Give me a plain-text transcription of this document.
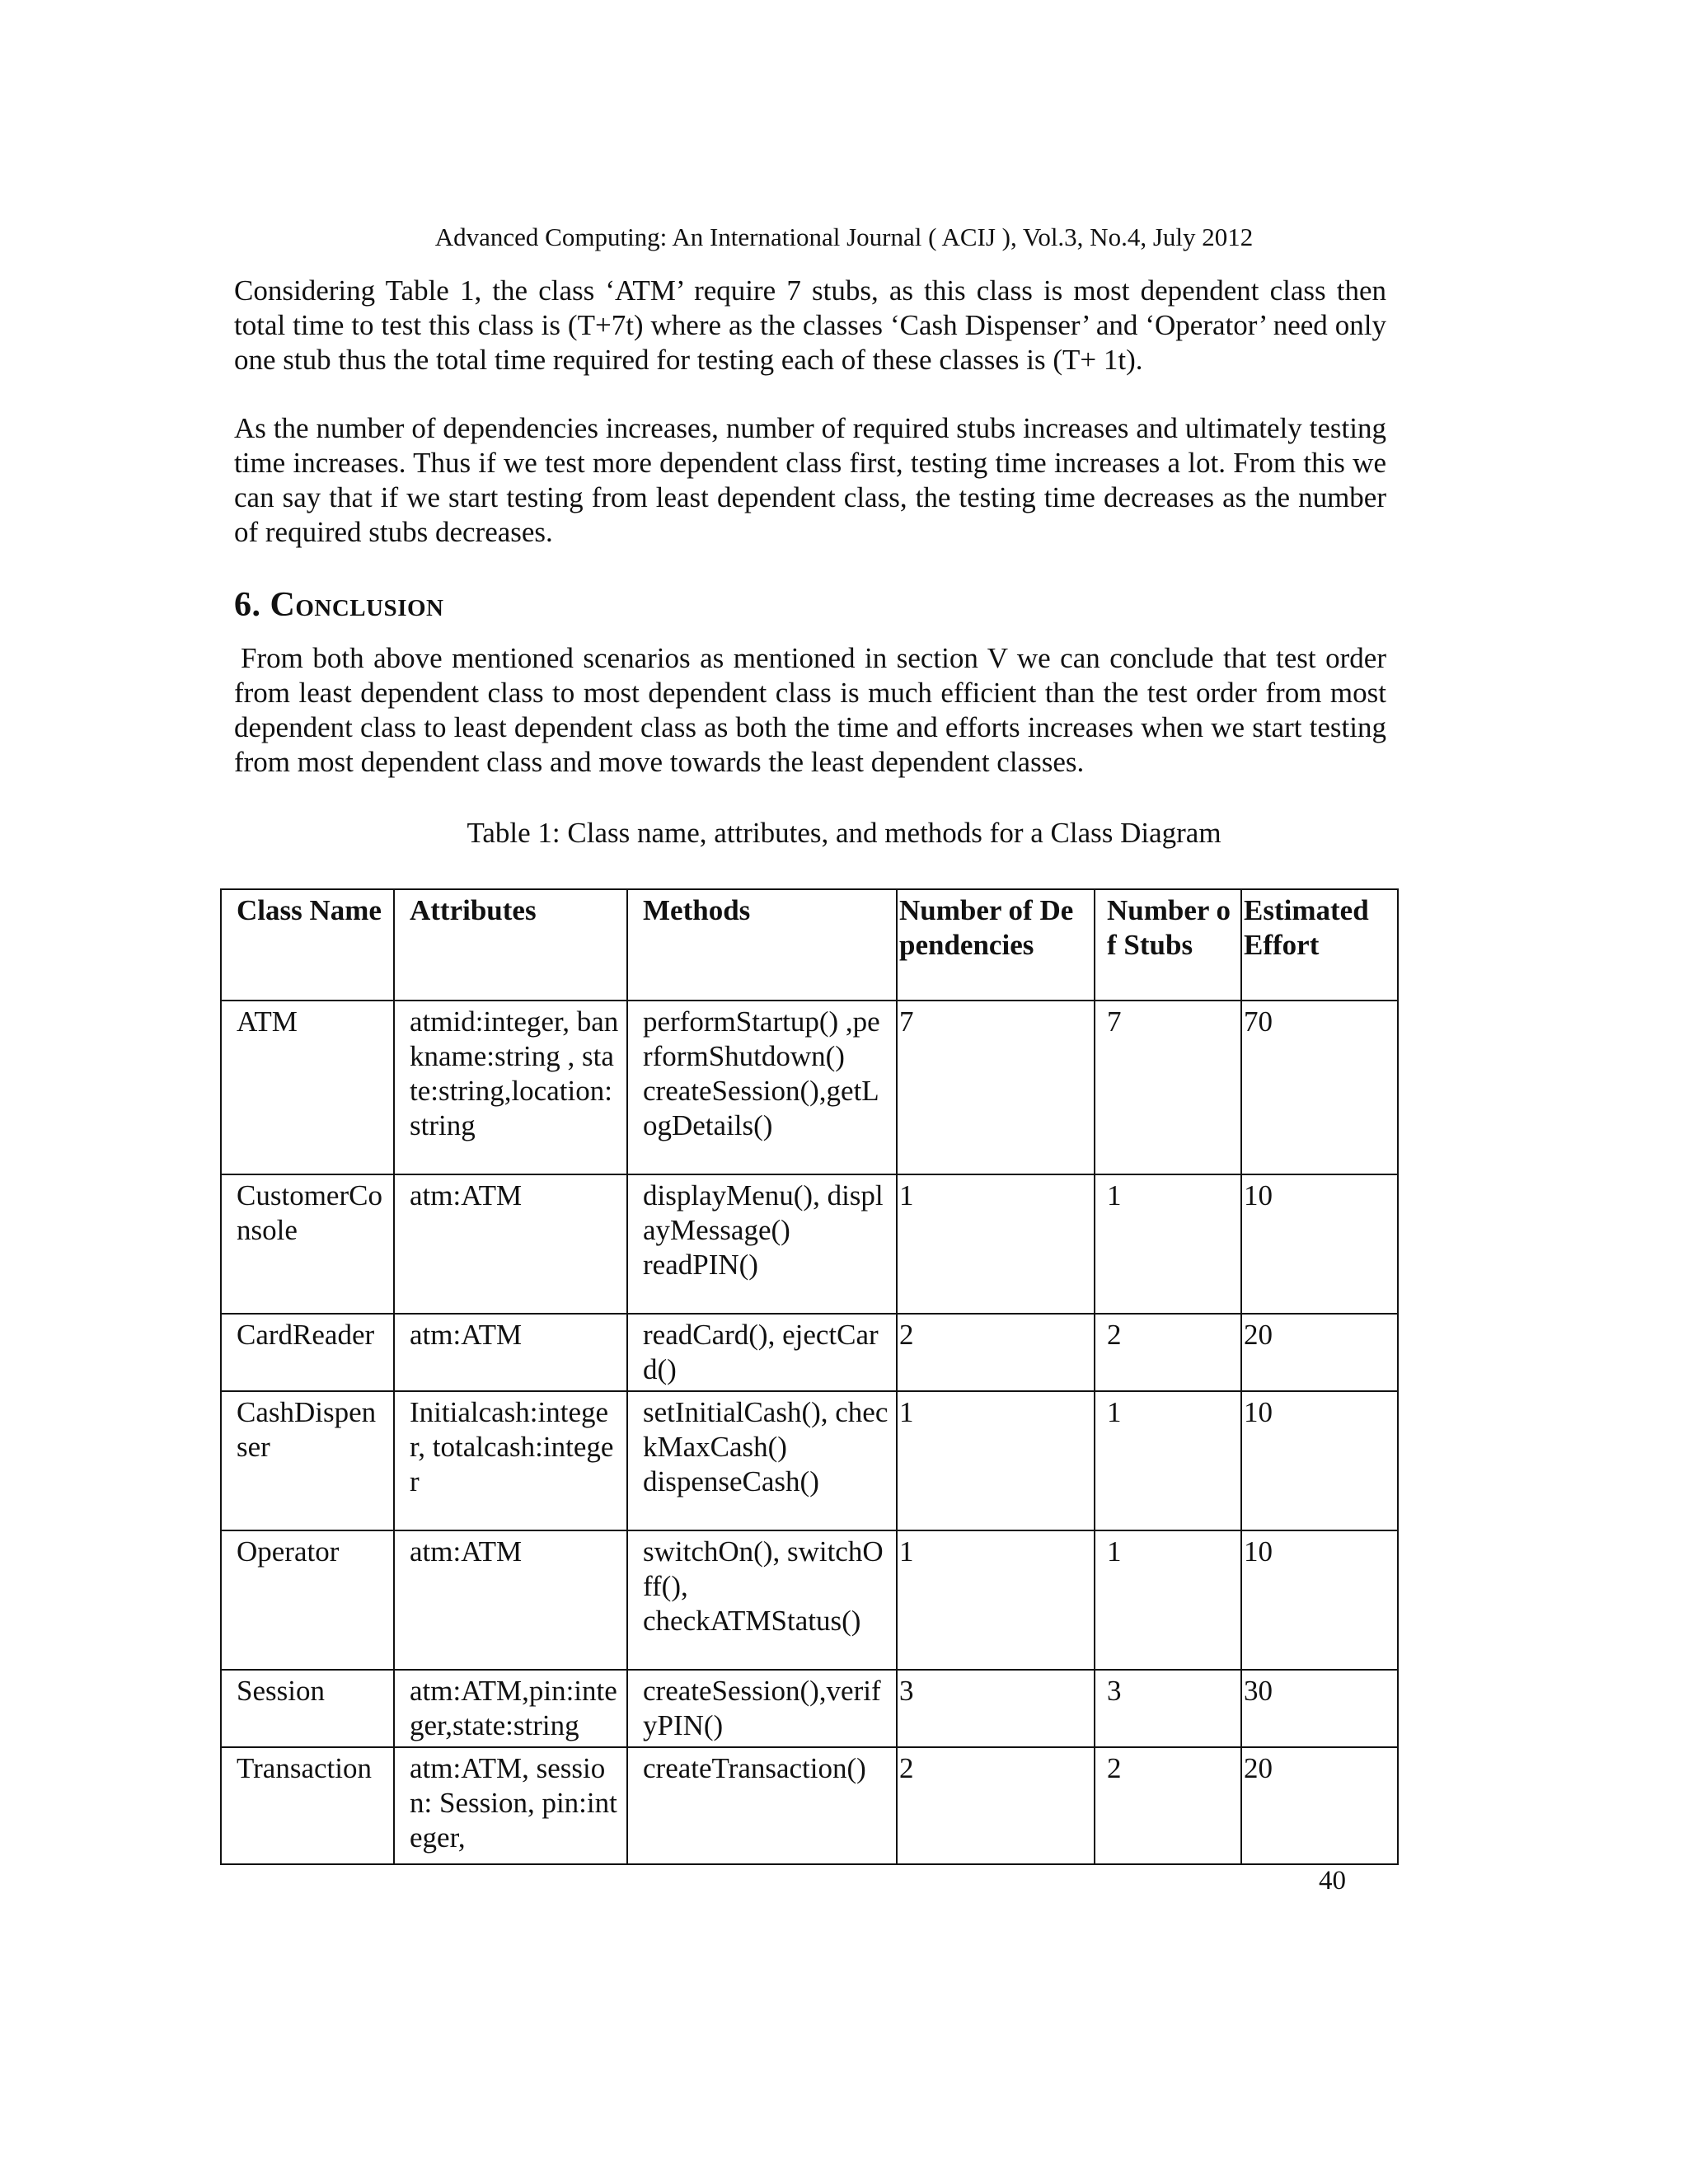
Advanced Computing: An International Journal ( ACIJ ), Vol.3, No.4, July 2012

Considering Table 1, the class ‘ATM’ require 7 stubs, as this class is most dependent class then total time to test this class is (T+7t) where as the classes ‘Cash Dispenser’ and ‘Operator’ need only one stub thus the total time required for testing each of these classes is (T+ 1t).

As the number of dependencies increases, number of required stubs increases and ultimately testing time increases. Thus if we test more dependent class first, testing time increases a lot. From this we can say that if we start testing from least dependent class, the testing time decreases as the number of required stubs decreases.

6. Conclusion

From both above mentioned scenarios as mentioned in section V we can conclude that test order from least dependent class to most dependent class is much efficient than the test order from most dependent class to least dependent class as both the time and efforts increases when we start testing from most dependent class and move towards the least dependent classes.

Table 1: Class name, attributes, and methods for a Class Diagram
Class Name	Attributes	Methods	Number of Dependencies	Number of Stubs	Estimated Effort

ATM	atmid:integer, bankname:string , state:string,location:string	performStartup() ,performShutdown()
createSession(),getLogDetails()	7	7	70

CustomerConsole	atm:ATM	displayMenu(), displayMessage()
readPIN()	1	1	10

CardReader	atm:ATM	readCard(), ejectCard()	2	2	20

CashDispenser	Initialcash:integer, totalcash:integer	setInitialCash(), checkMaxCash()
dispenseCash()	1	1	10

Operator	atm:ATM	switchOn(), switchOff(),
checkATMStatus()	1	1	10

Session	atm:ATM,pin:integer,state:string	createSession(),verifyPIN()	3	3	30

Transaction	atm:ATM, session: Session, pin:integer,	createTransaction()	2	2	20
40
